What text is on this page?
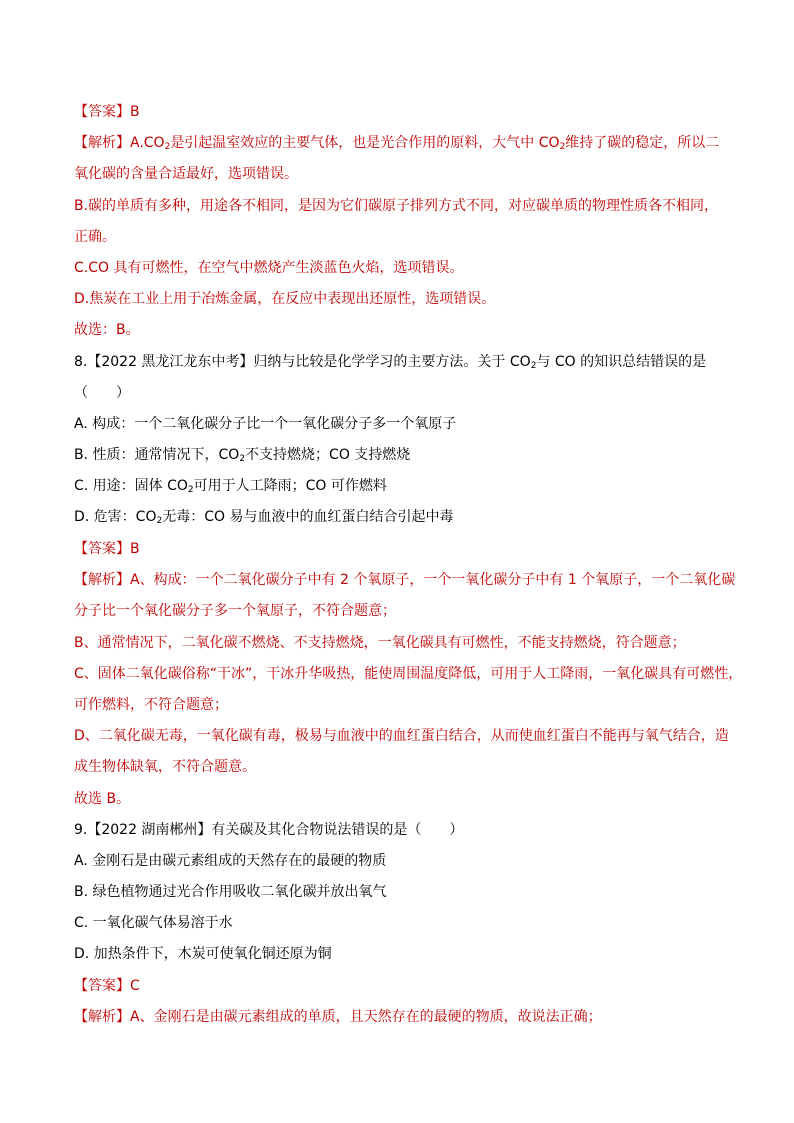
【答案】B
【解析】$A.CO_2$是引起温室效应的主要气体，也是光合作用的原料，大气中 $CO_2$维持了碳的稳定，所以二
氧化碳的含量合适最好，选项错误。
B.碳的单质有多种，用途各不相同，是因为它们碳原子排列方式不同，对应碳单质的物理性质各不相同，
正确。
C.CO 具有可燃性，在空气中燃烧产生淡蓝色火焰，选项错误。
D.焦炭在工业上用于冶炼金属，在反应中表现出还原性，选项错误。
故选：B。
8.【2022 黑龙江龙东中考】归纳与比较是化学学习的主要方法。关于 $CO_2$与 CO 的知识总结错误的是
（　　）
A. 构成：一个二氧化碳分子比一个一氧化碳分子多一个氧原子
B. 性质：通常情况下，$CO_2$不支持燃烧；CO 支持燃烧
C. 用途：固体 $CO_2$可用于人工降雨；CO 可作燃料
D. 危害：$CO_2$无毒：CO 易与血液中的血红蛋白结合引起中毒
【答案】B
【解析】A、构成：一个二氧化碳分子中有 2 个氧原子，一个一氧化碳分子中有 1 个氧原子，一个二氧化碳
分子比一个氧化碳分子多一个氧原子，不符合题意；
B、通常情况下，二氧化碳不燃烧、不支持燃烧，一氧化碳具有可燃性，不能支持燃烧，符合题意；
C、固体二氧化碳俗称“干冰”，干冰升华吸热，能使周围温度降低，可用于人工降雨，一氧化碳具有可燃性，
可作燃料，不符合题意；
D、二氧化碳无毒，一氧化碳有毒，极易与血液中的血红蛋白结合，从而使血红蛋白不能再与氧气结合，造
成生物体缺氧，不符合题意。
故选 B。
9.【2022 湖南郴州】有关碳及其化合物说法错误的是（　　）
A. 金刚石是由碳元素组成的天然存在的最硬的物质
B. 绿色植物通过光合作用吸收二氧化碳并放出氧气
C. 一氧化碳气体易溶于水
D. 加热条件下，木炭可使氧化铜还原为铜
【答案】C
【解析】A、金刚石是由碳元素组成的单质，且天然存在的最硬的物质，故说法正确；
